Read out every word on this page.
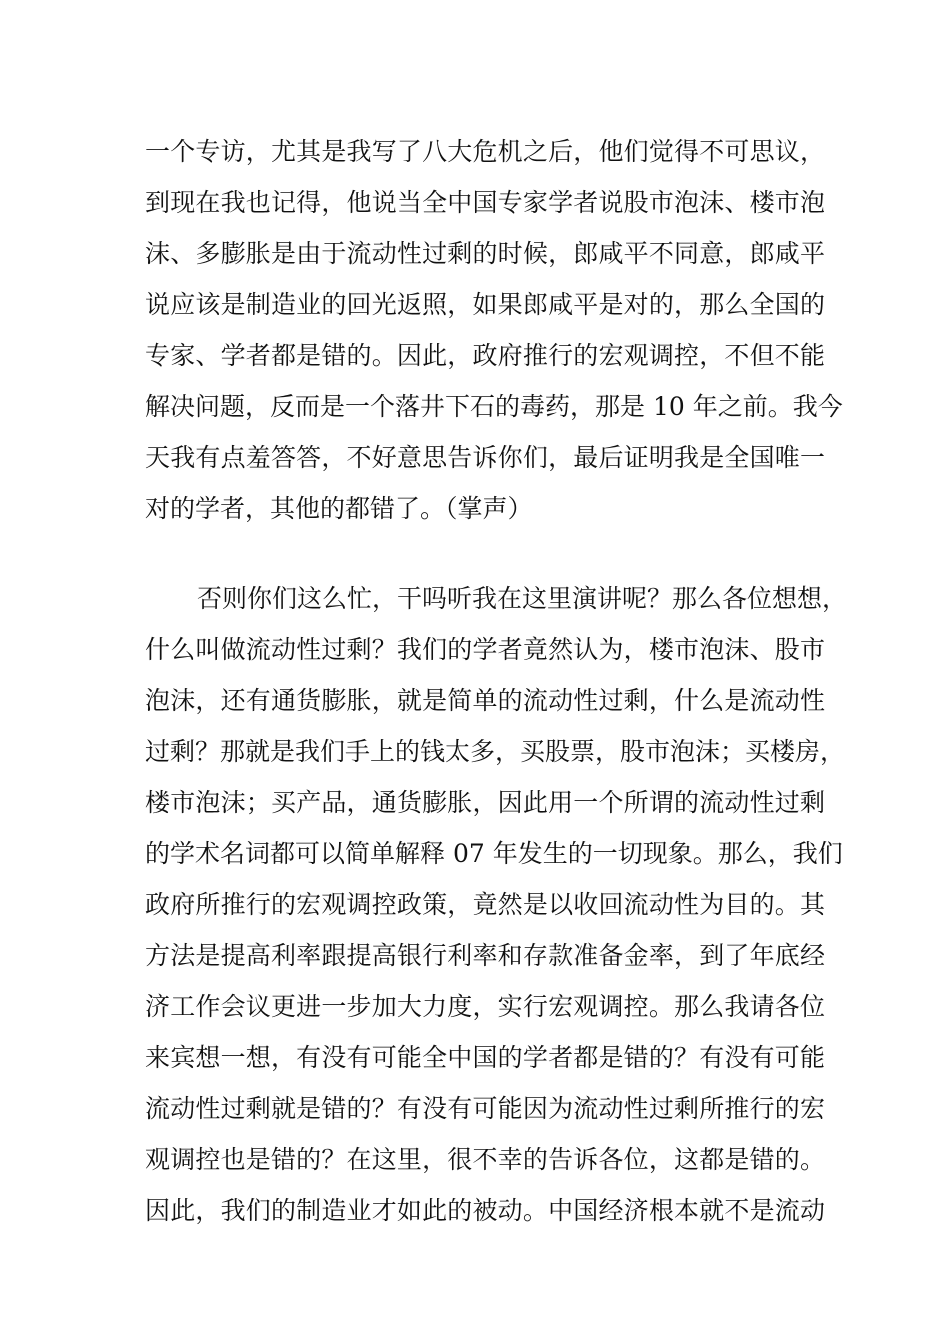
一个专访，尤其是我写了八大危机之后，他们觉得不可思议，
到现在我也记得，他说当全中国专家学者说股市泡沫、楼市泡
沫、多膨胀是由于流动性过剩的时候，郎咸平不同意，郎咸平
说应该是制造业的回光返照，如果郎咸平是对的，那么全国的
专家、学者都是错的。因此，政府推行的宏观调控，不但不能
解决问题，反而是一个落井下石的毒药，那是 10 年之前。我今
天我有点羞答答，不好意思告诉你们，最后证明我是全国唯一
对的学者，其他的都错了。（掌声）
否则你们这么忙，干吗听我在这里演讲呢？那么各位想想，
什么叫做流动性过剩？我们的学者竟然认为，楼市泡沫、股市
泡沫，还有通货膨胀，就是简单的流动性过剩，什么是流动性
过剩？那就是我们手上的钱太多，买股票，股市泡沫；买楼房，
楼市泡沫；买产品，通货膨胀，因此用一个所谓的流动性过剩
的学术名词都可以简单解释 07 年发生的一切现象。那么，我们
政府所推行的宏观调控政策，竟然是以收回流动性为目的。其
方法是提高利率跟提高银行利率和存款准备金率，到了年底经
济工作会议更进一步加大力度，实行宏观调控。那么我请各位
来宾想一想，有没有可能全中国的学者都是错的？有没有可能
流动性过剩就是错的？有没有可能因为流动性过剩所推行的宏
观调控也是错的？在这里，很不幸的告诉各位，这都是错的。
因此，我们的制造业才如此的被动。中国经济根本就不是流动
